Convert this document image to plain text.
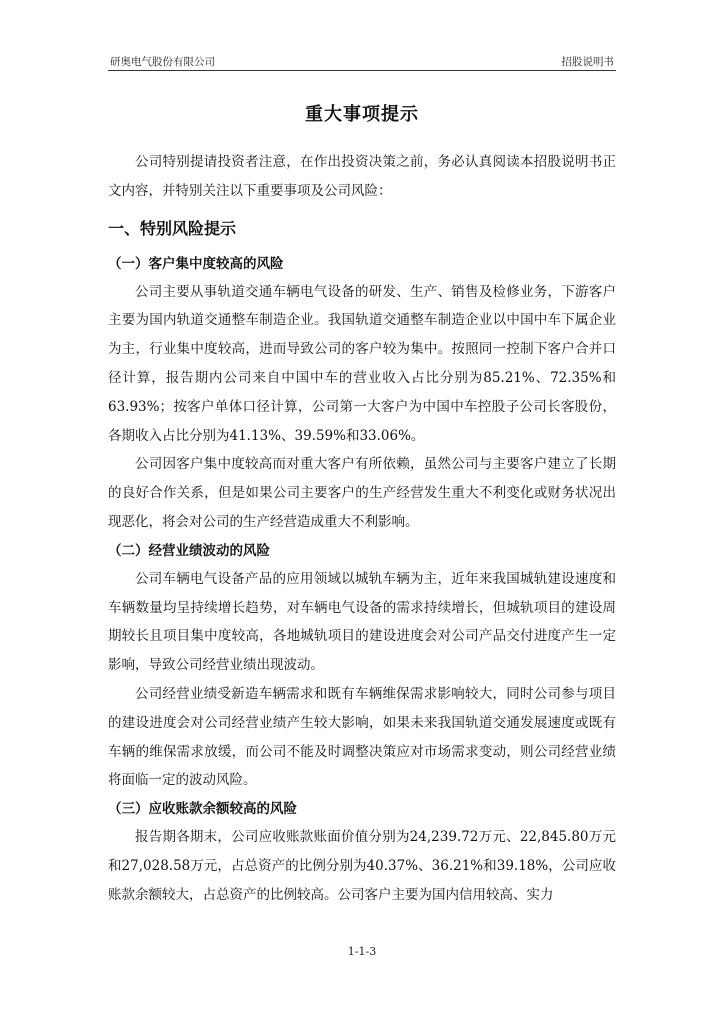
研奥电气股份有限公司	招股说明书
重大事项提示

公司特别提请投资者注意，在作出投资决策之前，务必认真阅读本招股说明书正文内容，并特别关注以下重要事项及公司风险：

一、特别风险提示
（一）客户集中度较高的风险

公司主要从事轨道交通车辆电气设备的研发、生产、销售及检修业务，下游客户主要为国内轨道交通整车制造企业。我国轨道交通整车制造企业以中国中车下属企业为主，行业集中度较高，进而导致公司的客户较为集中。按照同一控制下客户合并口径计算，报告期内公司来自中国中车的营业收入占比分别为85.21%、72.35%和63.93%；按客户单体口径计算，公司第一大客户为中国中车控股子公司长客股份，各期收入占比分别为41.13%、39.59%和33.06%。

公司因客户集中度较高而对重大客户有所依赖，虽然公司与主要客户建立了长期的良好合作关系，但是如果公司主要客户的生产经营发生重大不利变化或财务状况出现恶化，将会对公司的生产经营造成重大不利影响。

（二）经营业绩波动的风险

公司车辆电气设备产品的应用领域以城轨车辆为主，近年来我国城轨建设速度和车辆数量均呈持续增长趋势，对车辆电气设备的需求持续增长，但城轨项目的建设周期较长且项目集中度较高，各地城轨项目的建设进度会对公司产品交付进度产生一定影响，导致公司经营业绩出现波动。

公司经营业绩受新造车辆需求和既有车辆维保需求影响较大，同时公司参与项目的建设进度会对公司经营业绩产生较大影响，如果未来我国轨道交通发展速度或既有车辆的维保需求放缓，而公司不能及时调整决策应对市场需求变动，则公司经营业绩将面临一定的波动风险。

（三）应收账款余额较高的风险

报告期各期末，公司应收账款账面价值分别为24,239.72万元、22,845.80万元和27,028.58万元，占总资产的比例分别为40.37%、36.21%和39.18%，公司应收账款余额较大，占总资产的比例较高。公司客户主要为国内信用较高、实力

1-1-3
